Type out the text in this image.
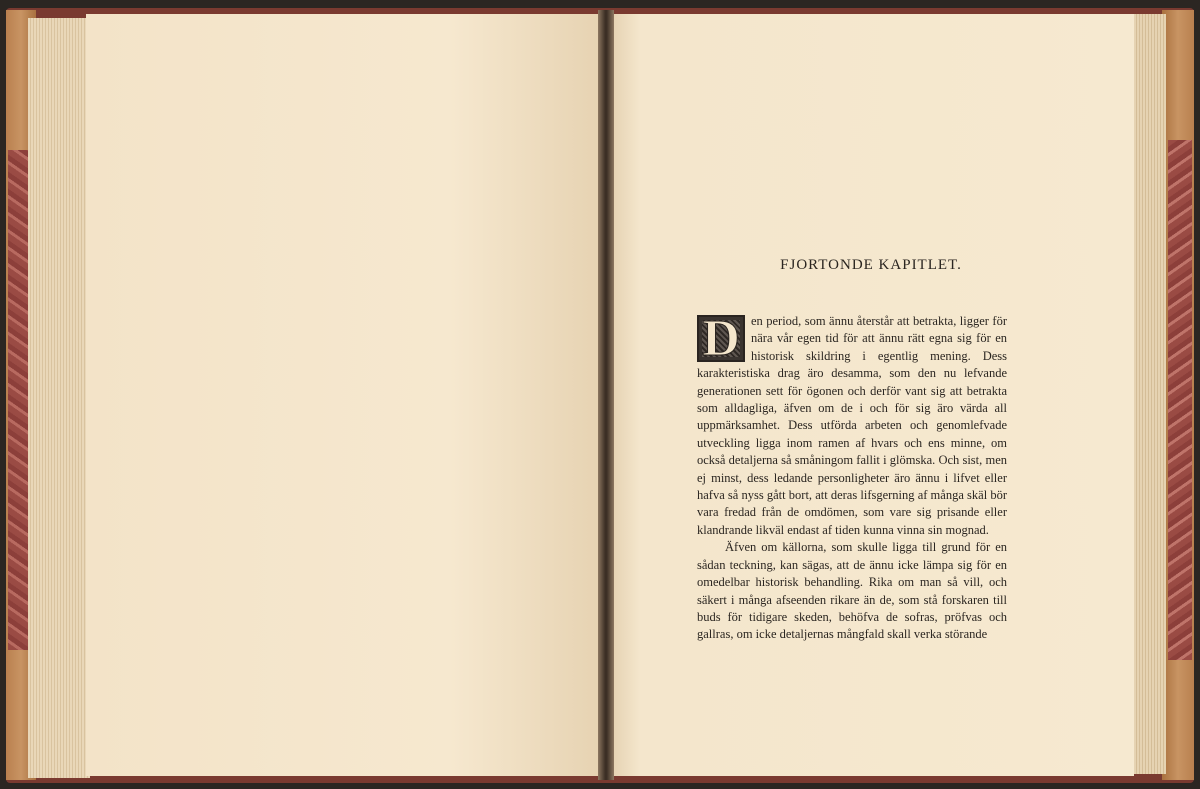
FJORTONDE KAPITLET.

D en period, som ännu återstår att betrakta, ligger för nära vår egen tid för att ännu rätt egna sig för en historisk skildring i egentlig mening. Dess karakteristiska drag äro desamma, som den nu lefvande generationen sett för ögonen och derför vant sig att betrakta som alldagliga, äfven om de i och för sig äro värda all uppmärksamhet. Dess utförda arbeten och genomlefvade utveckling ligga inom ramen af hvars och ens minne, om också detaljerna så småningom fallit i glömska. Och sist, men ej minst, dess ledande personligheter äro ännu i lifvet eller hafva så nyss gått bort, att deras lifsgerning af många skäl bör vara fredad från de omdömen, som vare sig prisande eller klandrande likväl endast af tiden kunna vinna sin mognad.

Äfven om källorna, som skulle ligga till grund för en sådan teckning, kan sägas, att de ännu icke lämpa sig för en omedelbar historisk behandling. Rika om man så vill, och säkert i många afseenden rikare än de, som stå forskaren till buds för tidigare skeden, behöfva de sofras, pröfvas och gallras, om icke detaljernas mångfald skall verka störande
